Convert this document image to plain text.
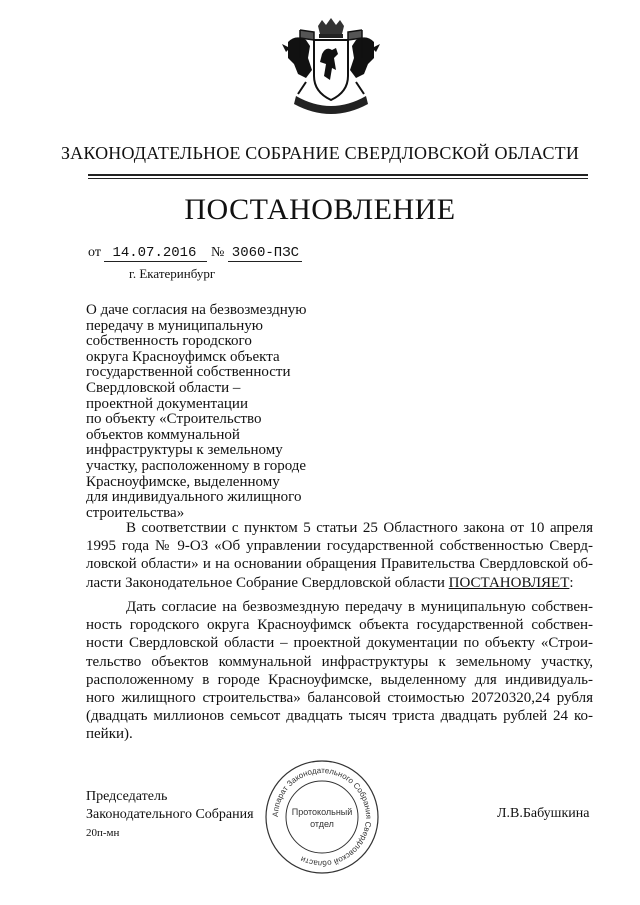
ЗАКОНОДАТЕЛЬНОЕ СОБРАНИЕ СВЕРДЛОВСКОЙ ОБЛАСТИ
ПОСТАНОВЛЕНИЕ
от 14.07.2016 № 3060-ПЗС
г. Екатеринбург
О даче согласия на безвозмездную
передачу в муниципальную
собственность городского
округа Красноуфимск объекта
государственной собственности
Свердловской области –
проектной документации
по объекту «Строительство
объектов коммунальной
инфраструктуры к земельному
участку, расположенному в городе
Красноуфимске, выделенному
для индивидуального жилищного
строительства»
В соответствии с пунктом 5 статьи 25 Областного закона от 10 апреля
1995 года № 9-ОЗ «Об управлении государственной собственностью Сверд-
ловской области» и на основании обращения Правительства Свердловской об-
ласти Законодательное Собрание Свердловской области ПОСТАНОВЛЯЕТ:
Дать согласие на безвозмездную передачу в муниципальную собствен-
ность городского округа Красноуфимск объекта государственной собствен-
ности Свердловской области – проектной документации по объекту «Строи-
тельство объектов коммунальной инфраструктуры к земельному участку,
расположенному в городе Красноуфимске, выделенному для индивидуаль-
ного жилищного строительства» балансовой стоимостью 20720320,24 рубля
(двадцать миллионов семьсот двадцать тысяч триста двадцать рублей 24 ко-
пейки).
Председатель
Законодательного Собрания
20п-мн
Л.В.Бабушкина
Аппарат Законодательного Собрания Свердловской области
Протокольный
отдел
